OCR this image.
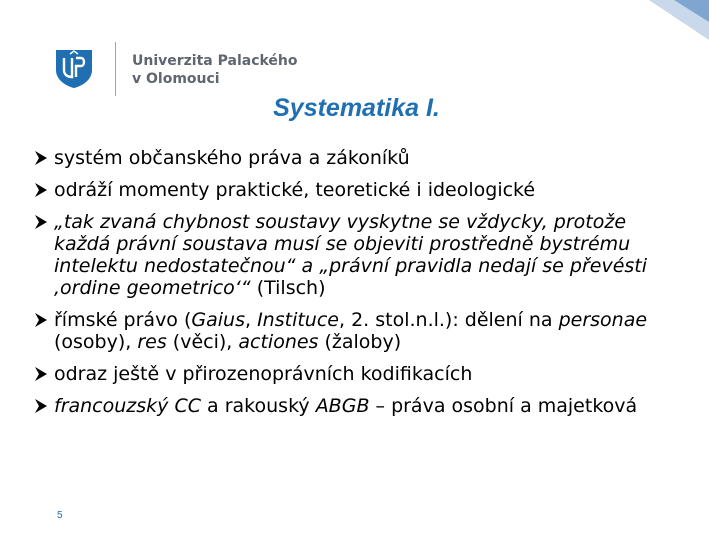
Univerzita Palackého
v Olomouci
Systematika I.
systém občanského práva a zákoníků
odráží momenty praktické, teoretické i ideologické
„tak zvaná chybnost soustavy vyskytne se vždycky, protože každá právní soustava musí se objeviti prostředně bystrému intelektu nedostatečnou“ a „právní pravidla nedají se převésti ‚ordine geometrico‘“ (Tilsch)
římské právo (Gaius, Instituce, 2. stol.n.l.): dělení na personae (osoby), res (věci), actiones (žaloby)
odraz ještě v přirozenoprávních kodifikacích
francouzský CC a rakouský ABGB – práva osobní a majetková
5
